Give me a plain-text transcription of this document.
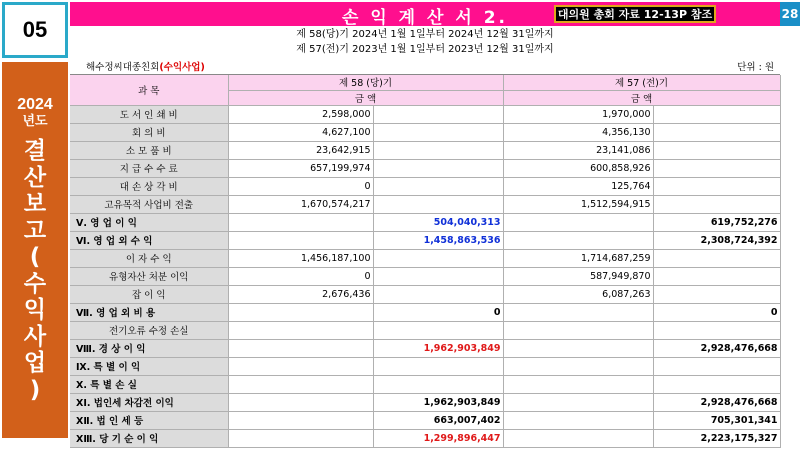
05
2024
년도
결
산
보
고
(
수
익
사
업
)
손 익 계 산 서 2.	대의원 총회 자료 12-13P 참조	28
제 58(당)기 2024년 1월 1일부터 2024년 12월 31일까지
제 57(전)기 2023년 1월 1일부터 2023년 12월 31일까지
해수정씨대종친회(수익사업)	단위 : 원
과 목	제 58 (당)기		제 57 (전)기	
	금 액		금 액	
도 서 인 쇄 비	2,598,000		1,970,000	
회 의 비	4,627,100		4,356,130	
소 모 품 비	23,642,915		23,141,086	
지 급 수 수 료	657,199,974		600,858,926	
대 손 상 각 비	0		125,764	
고유목적 사업비 전출	1,670,574,217		1,512,594,915	
Ⅴ. 영 업 이 익		504,040,313		619,752,276
Ⅵ. 영 업 외 수 익		1,458,863,536		2,308,724,392
이 자 수 익	1,456,187,100		1,714,687,259	
유형자산 처분 이익	0		587,949,870	
잡 이 익	2,676,436		6,087,263	
Ⅶ. 영 업 외 비 용		0		0
전기오류 수정 손실				
Ⅷ. 경 상 이 익		1,962,903,849		2,928,476,668
Ⅸ. 특 별 이 익				
Ⅹ. 특 별 손 실				
ⅩⅠ. 법인세 차감전 이익		1,962,903,849		2,928,476,668
ⅩⅡ. 법 인 세 등		663,007,402		705,301,341
ⅩⅢ. 당 기 순 이 익		1,299,896,447		2,223,175,327
